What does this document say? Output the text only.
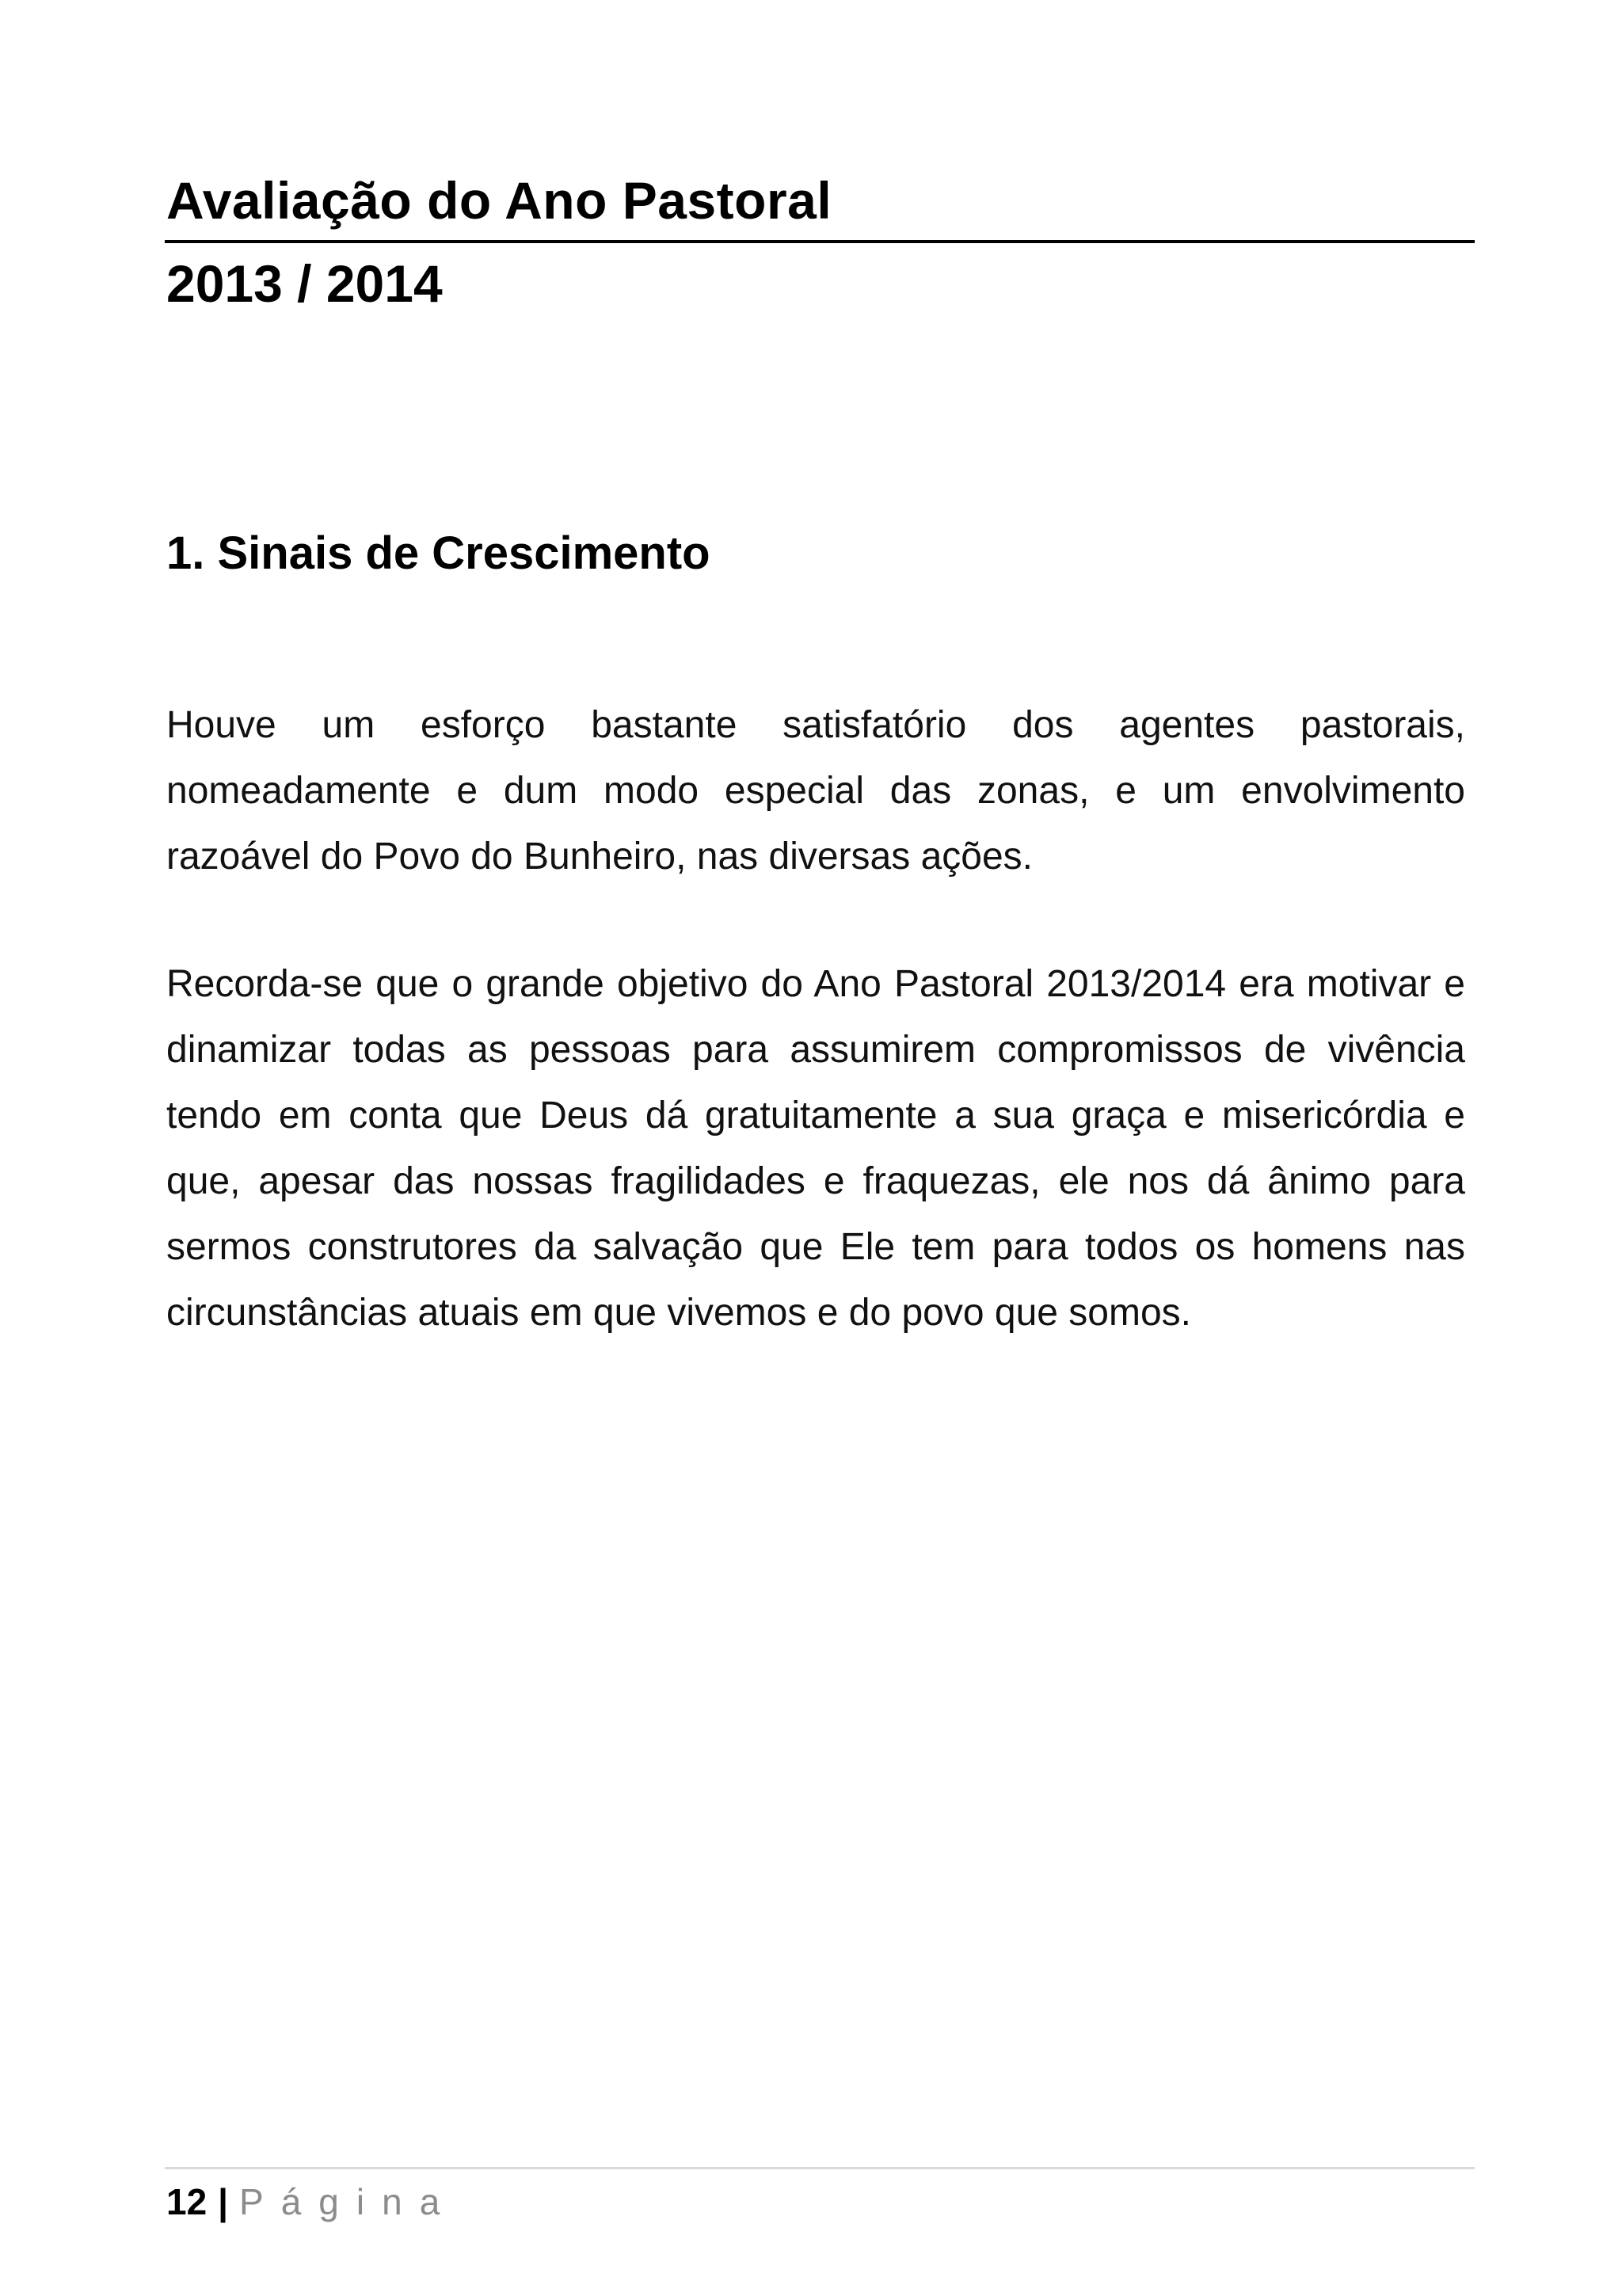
Avaliação do Ano Pastoral
2013 / 2014
1. Sinais de Crescimento

Houve um esforço bastante satisfatório dos agentes pastorais, nomeadamente e dum modo especial das zonas, e um envolvimento razoável do Povo do Bunheiro, nas diversas ações.

Recorda-se que o grande objetivo do Ano Pastoral 2013/2014 era motivar e dinamizar todas as pessoas para assumirem compromissos de vivência tendo em conta que Deus dá gratuitamente a sua graça e misericórdia e que, apesar das nossas fragilidades e fraquezas, ele nos dá ânimo para sermos construtores da salvação que Ele tem para todos os homens nas circunstâncias atuais em que vivemos e do povo que somos.

12 | Página
